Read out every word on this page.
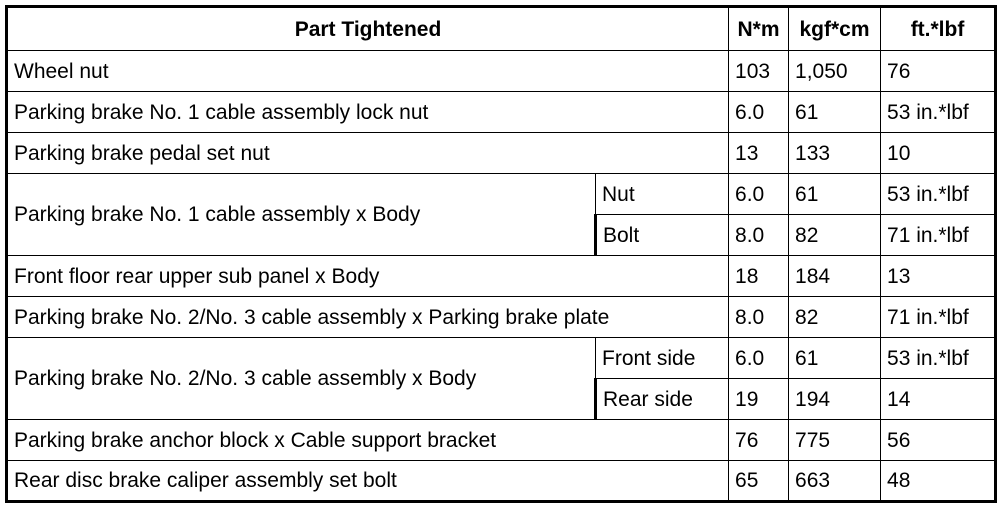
Part Tightened		N*m	kgf*cm	ft.*lbf
Wheel nut		103	1,050	76
Parking brake No. 1 cable assembly lock nut		6.0	61	53 in.*lbf
Parking brake pedal set nut		13	133	10
Parking brake No. 1 cable assembly x Body	Nut	6.0	61	53 in.*lbf
	Bolt	8.0	82	71 in.*lbf
Front floor rear upper sub panel x Body		18	184	13
Parking brake No. 2/No. 3 cable assembly x Parking brake plate		8.0	82	71 in.*lbf
Parking brake No. 2/No. 3 cable assembly x Body	Front side	6.0	61	53 in.*lbf
	Rear side	19	194	14
Parking brake anchor block x Cable support bracket		76	775	56
Rear disc brake caliper assembly set bolt		65	663	48
